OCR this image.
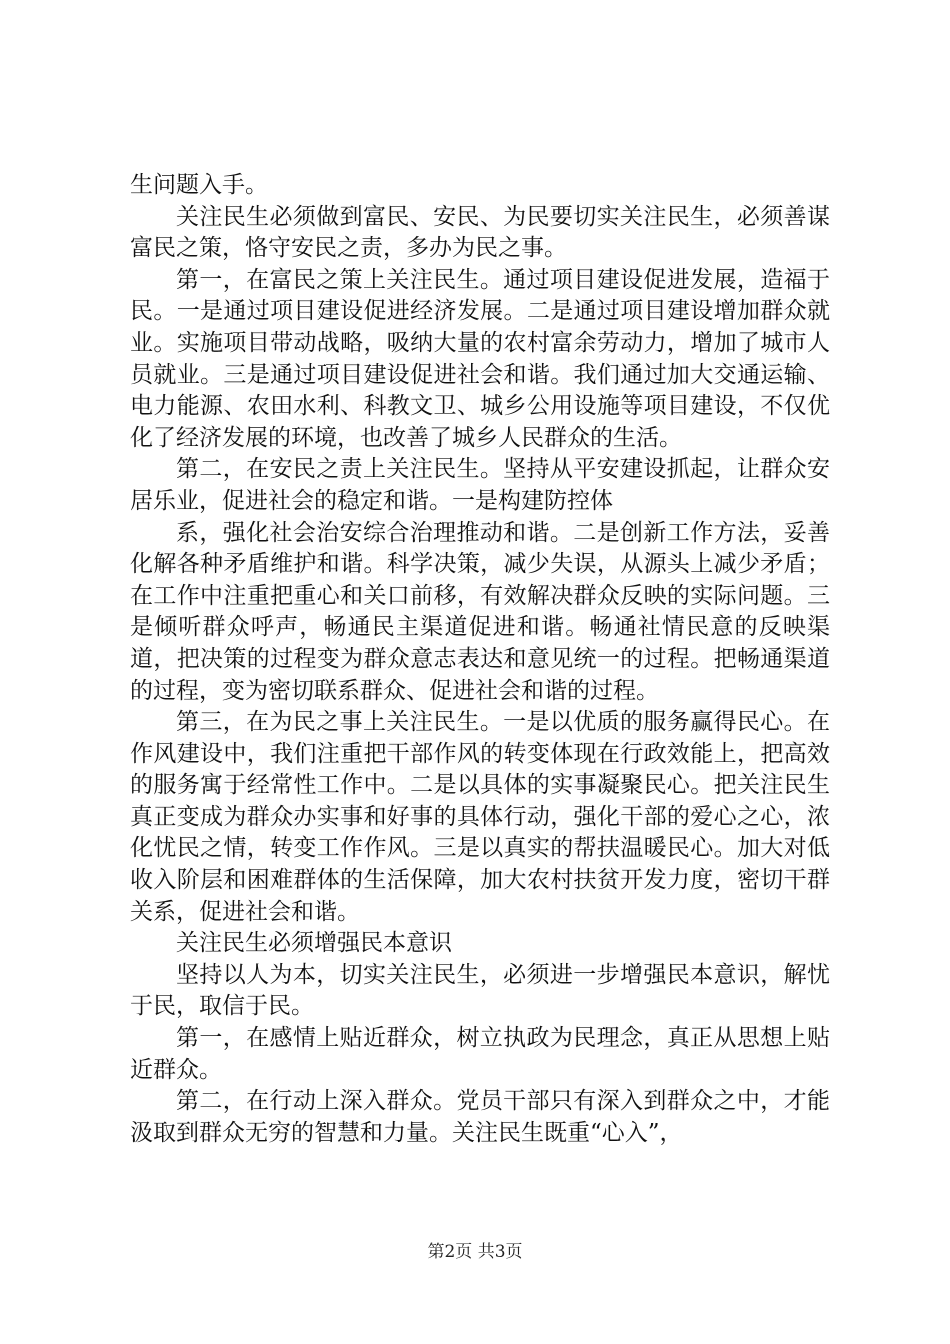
生问题入手。

关注民生必须做到富民、安民、为民要切实关注民生，必须善谋富民之策，恪守安民之责，多办为民之事。

第一，在富民之策上关注民生。通过项目建设促进发展，造福于民。一是通过项目建设促进经济发展。二是通过项目建设增加群众就业。实施项目带动战略，吸纳大量的农村富余劳动力，增加了城市人员就业。三是通过项目建设促进社会和谐。我们通过加大交通运输、电力能源、农田水利、科教文卫、城乡公用设施等项目建设，不仅优化了经济发展的环境，也改善了城乡人民群众的生活。

第二，在安民之责上关注民生。坚持从平安建设抓起，让群众安居乐业，促进社会的稳定和谐。一是构建防控体

系，强化社会治安综合治理推动和谐。二是创新工作方法，妥善化解各种矛盾维护和谐。科学决策，减少失误，从源头上减少矛盾；在工作中注重把重心和关口前移，有效解决群众反映的实际问题。三是倾听群众呼声，畅通民主渠道促进和谐。畅通社情民意的反映渠道，把决策的过程变为群众意志表达和意见统一的过程。把畅通渠道的过程，变为密切联系群众、促进社会和谐的过程。

第三，在为民之事上关注民生。一是以优质的服务赢得民心。在作风建设中，我们注重把干部作风的转变体现在行政效能上，把高效的服务寓于经常性工作中。二是以具体的实事凝聚民心。把关注民生真正变成为群众办实事和好事的具体行动，强化干部的爱心之心，浓化忧民之情，转变工作作风。三是以真实的帮扶温暖民心。加大对低收入阶层和困难群体的生活保障，加大农村扶贫开发力度，密切干群关系，促进社会和谐。

关注民生必须增强民本意识

坚持以人为本，切实关注民生，必须进一步增强民本意识，解忧于民，取信于民。

第一，在感情上贴近群众，树立执政为民理念，真正从思想上贴近群众。

第二，在行动上深入群众。党员干部只有深入到群众之中，才能汲取到群众无穷的智慧和力量。关注民生既重“心入”，

第2页 共3页
